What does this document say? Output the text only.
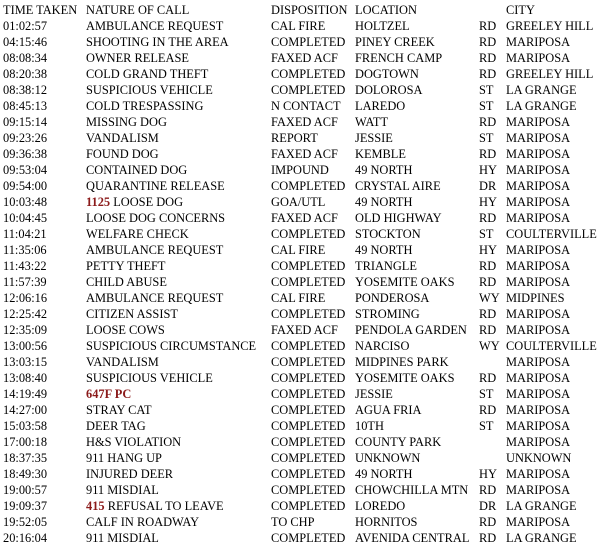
TIME TAKEN NATURE OF CALL	DISPOSITION LOCATION	CITY
01:02:57	AMBULANCE REQUEST	CAL FIRE	HOLTZEL	RD GREELEY HILL
04:15:46	SHOOTING IN THE AREA	COMPLETED PINEY CREEK	RD MARIPOSA
08:08:34	OWNER RELEASE	FAXED ACF	FRENCH CAMP	RD MARIPOSA
08:20:38	COLD GRAND THEFT	COMPLETED DOGTOWN	RD GREELEY HILL
08:38:12	SUSPICIOUS VEHICLE	COMPLETED DOLOROSA	ST	LA GRANGE
08:45:13	COLD TRESPASSING	N CONTACT	LAREDO	ST	LA GRANGE
09:15:14	MISSING DOG	FAXED ACF	WATT	RD MARIPOSA
09:23:26	VANDALISM	REPORT	JESSIE	ST	MARIPOSA
09:36:38	FOUND DOG	FAXED ACF	KEMBLE	RD MARIPOSA
09:53:04	CONTAINED DOG	IMPOUND	49 NORTH	HY MARIPOSA
09:54:00	QUARANTINE RELEASE	COMPLETED CRYSTAL AIRE	DR MARIPOSA
10:03:48	1125 LOOSE DOG	GOA/UTL	49 NORTH	HY MARIPOSA
10:04:45	LOOSE DOG CONCERNS	FAXED ACF	OLD HIGHWAY	RD MARIPOSA
11:04:21	WELFARE CHECK	COMPLETED STOCKTON	ST	COULTERVILLE
11:35:06	AMBULANCE REQUEST	CAL FIRE	49 NORTH	HY MARIPOSA
11:43:22	PETTY THEFT	COMPLETED TRIANGLE	RD MARIPOSA
11:57:39	CHILD ABUSE	COMPLETED YOSEMITE OAKS	RD MARIPOSA
12:06:16	AMBULANCE REQUEST	CAL FIRE	PONDEROSA	WY MIDPINES
12:25:42	CITIZEN ASSIST	COMPLETED STROMING	RD MARIPOSA
12:35:09	LOOSE COWS	FAXED ACF	PENDOLA GARDEN RD MARIPOSA
13:00:56	SUSPICIOUS CIRCUMSTANCE	COMPLETED NARCISO	WY COULTERVILLE
13:03:15	VANDALISM	COMPLETED MIDPINES PARK	MARIPOSA
13:08:40	SUSPICIOUS VEHICLE	COMPLETED YOSEMITE OAKS	RD MARIPOSA
14:19:49	647F PC	COMPLETED JESSIE	ST	MARIPOSA
14:27:00	STRAY CAT	COMPLETED AGUA FRIA	RD MARIPOSA
15:03:58	DEER TAG	COMPLETED 10TH	ST	MARIPOSA
17:00:18	H&S VIOLATION	COMPLETED COUNTY PARK	MARIPOSA
18:37:35	911 HANG UP	COMPLETED UNKNOWN	UNKNOWN
18:49:30	INJURED DEER	COMPLETED 49 NORTH	HY MARIPOSA
19:00:57	911 MISDIAL	COMPLETED CHOWCHILLA MTN RD MARIPOSA
19:09:37	415 REFUSAL TO LEAVE	COMPLETED LOREDO	DR LA GRANGE
19:52:05	CALF IN ROADWAY	TO CHP	HORNITOS	RD MARIPOSA
20:16:04	911 MISDIAL	COMPLETED AVENIDA CENTRAL RD LA GRANGE
